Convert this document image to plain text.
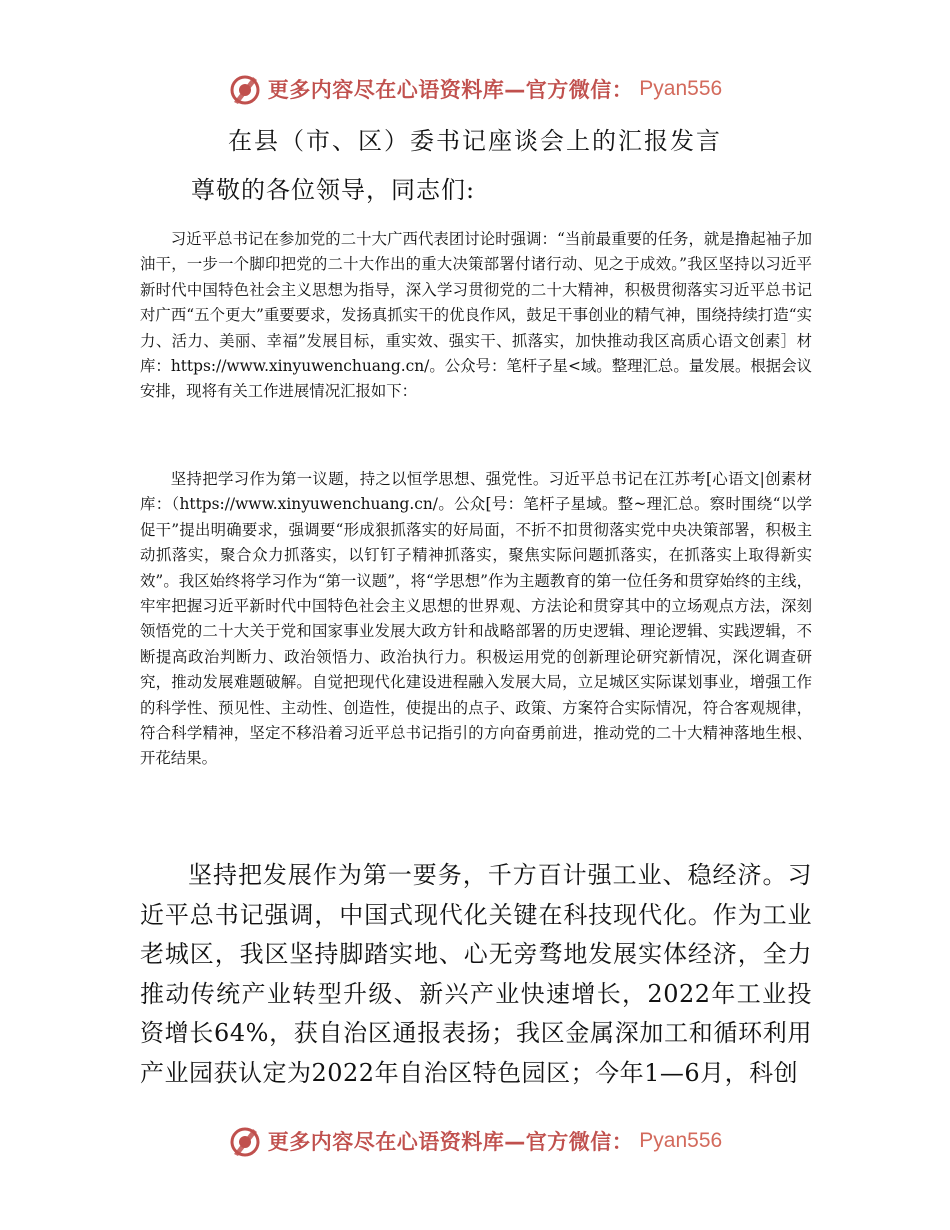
更多内容尽在心语资料库—官方微信： Pyan556
在县（市、区）委书记座谈会上的汇报发言
尊敬的各位领导，同志们:

习近平总书记在参加党的二十大广西代表团讨论时强调：“当前最重要的任务，就是撸起袖子加油干，一步一个脚印把党的二十大作出的重大决策部署付诸行动、见之于成效。”我区坚持以习近平新时代中国特色社会主义思想为指导，深入学习贯彻党的二十大精神，积极贯彻落实习近平总书记对广西“五个更大”重要要求，发扬真抓实干的优良作风，鼓足干事创业的精气神，围绕持续打造“实力、活力、美丽、幸福”发展目标，重实效、强实干、抓落实，加快推动我区高质心语文创素］材库：https://www.xinyuwenchuang.cn/。公众号：笔杆子星<域。整理汇总。量发展。根据会议安排，现将有关工作进展情况汇报如下：

坚持把学习作为第一议题，持之以恒学思想、强党性。习近平总书记在江苏考[心语文|创素材库：（https://www.xinyuwenchuang.cn/。公众[号：笔杆子星域。整~理汇总。察时围绕“以学促干”提出明确要求，强调要“形成狠抓落实的好局面，不折不扣贯彻落实党中央决策部署，积极主动抓落实，聚合众力抓落实，以钉钉子精神抓落实，聚焦实际问题抓落实，在抓落实上取得新实效”。我区始终将学习作为“第一议题”，将“学思想”作为主题教育的第一位任务和贯穿始终的主线，牢牢把握习近平新时代中国特色社会主义思想的世界观、方法论和贯穿其中的立场观点方法，深刻领悟党的二十大关于党和国家事业发展大政方针和战略部署的历史逻辑、理论逻辑、实践逻辑，不断提高政治判断力、政治领悟力、政治执行力。积极运用党的创新理论研究新情况，深化调查研究，推动发展难题破解。自觉把现代化建设进程融入发展大局，立足城区实际谋划事业，增强工作的科学性、预见性、主动性、创造性，使提出的点子、政策、方案符合实际情况，符合客观规律，符合科学精神，坚定不移沿着习近平总书记指引的方向奋勇前进，推动党的二十大精神落地生根、开花结果。

坚持把发展作为第一要务，千方百计强工业、稳经济。习近平总书记强调，中国式现代化关键在科技现代化。作为工业老城区，我区坚持脚踏实地、心无旁骛地发展实体经济，全力推动传统产业转型升级、新兴产业快速增长，2022年工业投资增长64%，获自治区通报表扬；我区金属深加工和循环利用产业园获认定为2022年自治区特色园区；今年1—6月，科创

更多内容尽在心语资料库—官方微信： Pyan556
